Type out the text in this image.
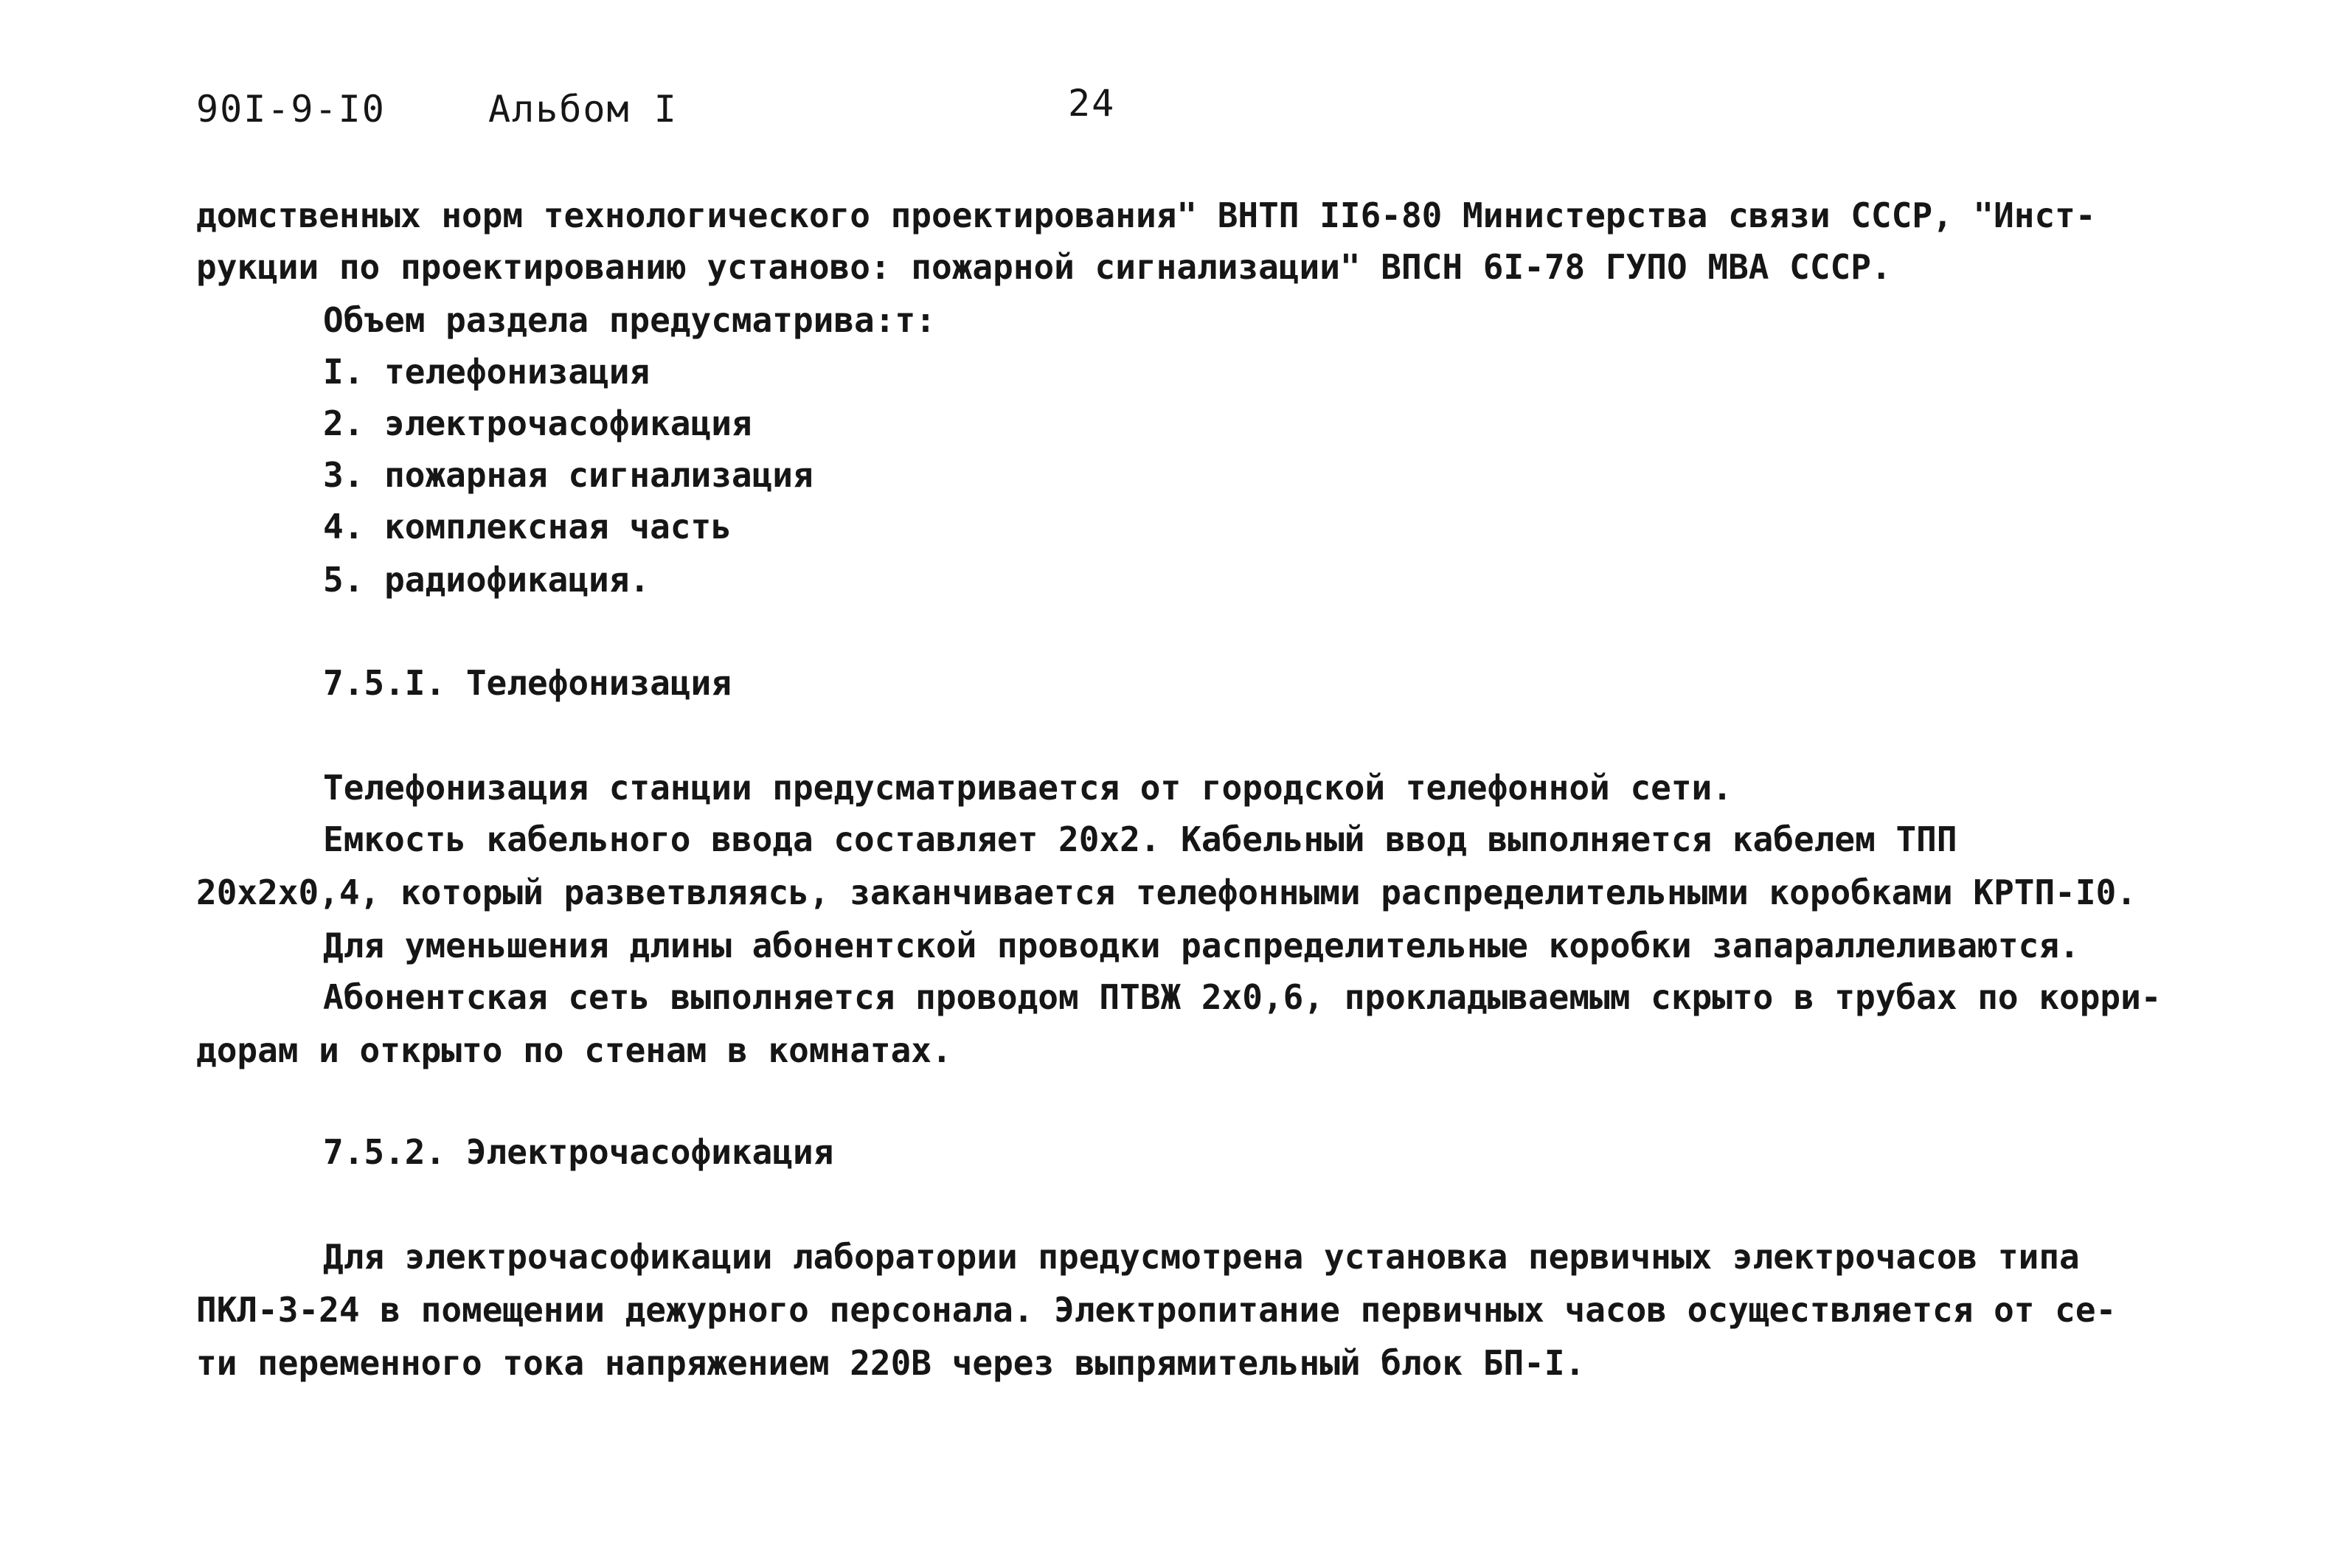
90I-9-I0	Альбом I	24
домственных норм технологического проектирования" ВНТП II6-80 Министерства связи СССР, "Инст-
рукции по проектированию установо: пожарной сигнализации" ВПСН 6I-78 ГУПО МВА СССР.
Объем раздела предусматрива:т:
I. телефонизация
2. электрочасофикация
3. пожарная сигнализация
4. комплексная часть
5. радиофикация.
7.5.I. Телефонизация
Телефонизация станции предусматривается от городской телефонной сети.
Емкость кабельного ввода составляет 20х2. Кабельный ввод выполняется кабелем ТПП
20х2х0,4, который разветвляясь, заканчивается телефонными распределительными коробками КРТП-I0.
Для уменьшения длины абонентской проводки распределительные коробки запараллеливаются.
Абонентская сеть выполняется проводом ПТВЖ 2х0,6, прокладываемым скрыто в трубах по корри-
дорам и открыто по стенам в комнатах.
7.5.2. Электрочасофикация
Для электрочасофикации лаборатории предусмотрена установка первичных электрочасов типа
ПКЛ-3-24 в помещении дежурного персонала. Электропитание первичных часов осуществляется от се-
ти переменного тока напряжением 220В через выпрямительный блок БП-I.
